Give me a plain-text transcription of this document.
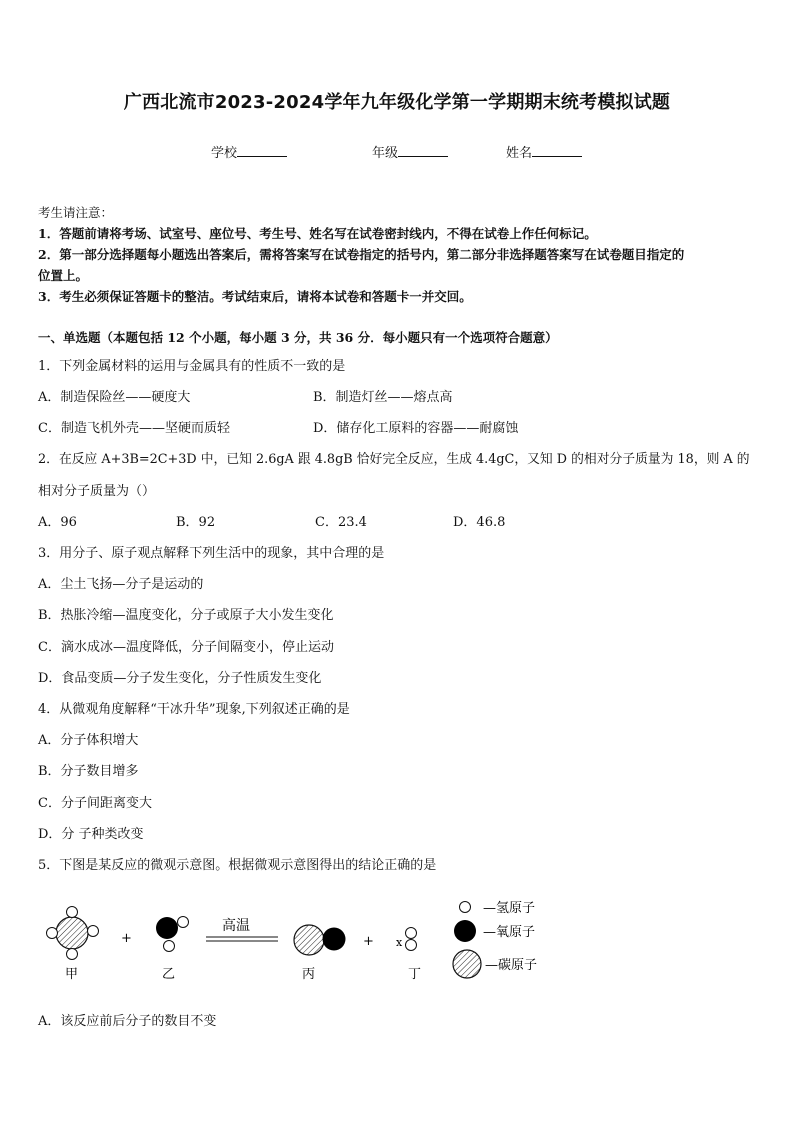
广西北流市2023-2024学年九年级化学第一学期期末统考模拟试题
学校	年级	姓名
考生请注意：
1．答题前请将考场、试室号、座位号、考生号、姓名写在试卷密封线内，不得在试卷上作任何标记。
2．第一部分选择题每小题选出答案后，需将答案写在试卷指定的括号内，第二部分非选择题答案写在试卷题目指定的
位置上。
3．考生必须保证答题卡的整洁。考试结束后，请将本试卷和答题卡一并交回。
一、单选题（本题包括 12 个小题，每小题 3 分，共 36 分．每小题只有一个选项符合题意）
1．下列金属材料的运用与金属具有的性质不一致的是
A．制造保险丝——硬度大	B．制造灯丝——熔点高
C．制造飞机外壳——坚硬而质轻	D．储存化工原料的容器——耐腐蚀
2．在反应 A+3B=2C+3D 中，已知 2.6gA 跟 4.8gB 恰好完全反应，生成 4.4gC，又知 D 的相对分子质量为 18，则 A 的
相对分子质量为（）
A．96	B．92	C．23.4	D．46.8
3．用分子、原子观点解释下列生活中的现象，其中合理的是
A．尘土飞扬—分子是运动的
B．热胀冷缩—温度变化，分子或原子大小发生变化
C．滴水成冰—温度降低，分子间隔变小，停止运动
D．食品变质—分子发生变化，分子性质发生变化
4．从微观角度解释“干冰升华”现象,下列叙述正确的是
A．分子体积增大
B．分子数目增多
C．分子间距离变大
D．分 子种类改变
5．下图是某反应的微观示意图。根据微观示意图得出的结论正确的是
+
高温
+ x
甲	乙	丙	丁
—氢原子
—氧原子
—碳原子
A．该反应前后分子的数目不变
